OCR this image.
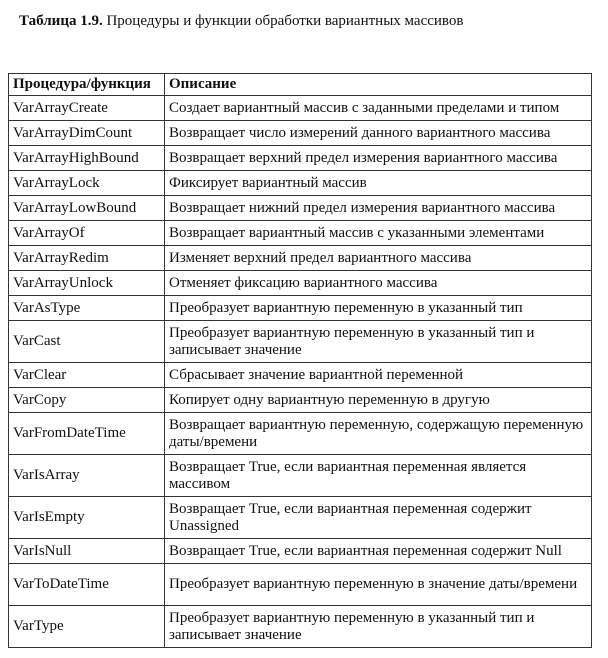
Таблица 1.9. Процедуры и функции обработки вариантных массивов
Процедура/функция	Описание
VarArrayCreate	Создает вариантный массив с заданными пределами и типом
VarArrayDimCount	Возвращает число измерений данного вариантного массива
VarArrayHighBound	Возвращает верхний предел измерения вариантного массива
VarArrayLock	Фиксирует вариантный массив
VarArrayLowBound	Возвращает нижний предел измерения вариантного массива
VarArrayOf	Возвращает вариантный массив с указанными элементами
VarArrayRedim	Изменяет верхний предел вариантного массива
VarArrayUnlock	Отменяет фиксацию вариантного массива
VarAsType	Преобразует вариантную переменную в указанный тип
VarCast	Преобразует вариантную переменную в указанный тип и записывает значение
VarClear	Сбрасывает значение вариантной переменной
VarCopy	Копирует одну вариантную переменную в другую
VarFromDateTime	Возвращает вариантную переменную, содержащую переменную даты/времени
VarIsArray	Возвращает True, если вариантная переменная является массивом
VarIsEmpty	Возвращает True, если вариантная переменная содержит Unassigned
VarIsNull	Возвращает True, если вариантная переменная содержит Null
VarToDateTime	Преобразует вариантную переменную в значение даты/времени
VarType	Преобразует вариантную переменную в указанный тип и записывает значение
